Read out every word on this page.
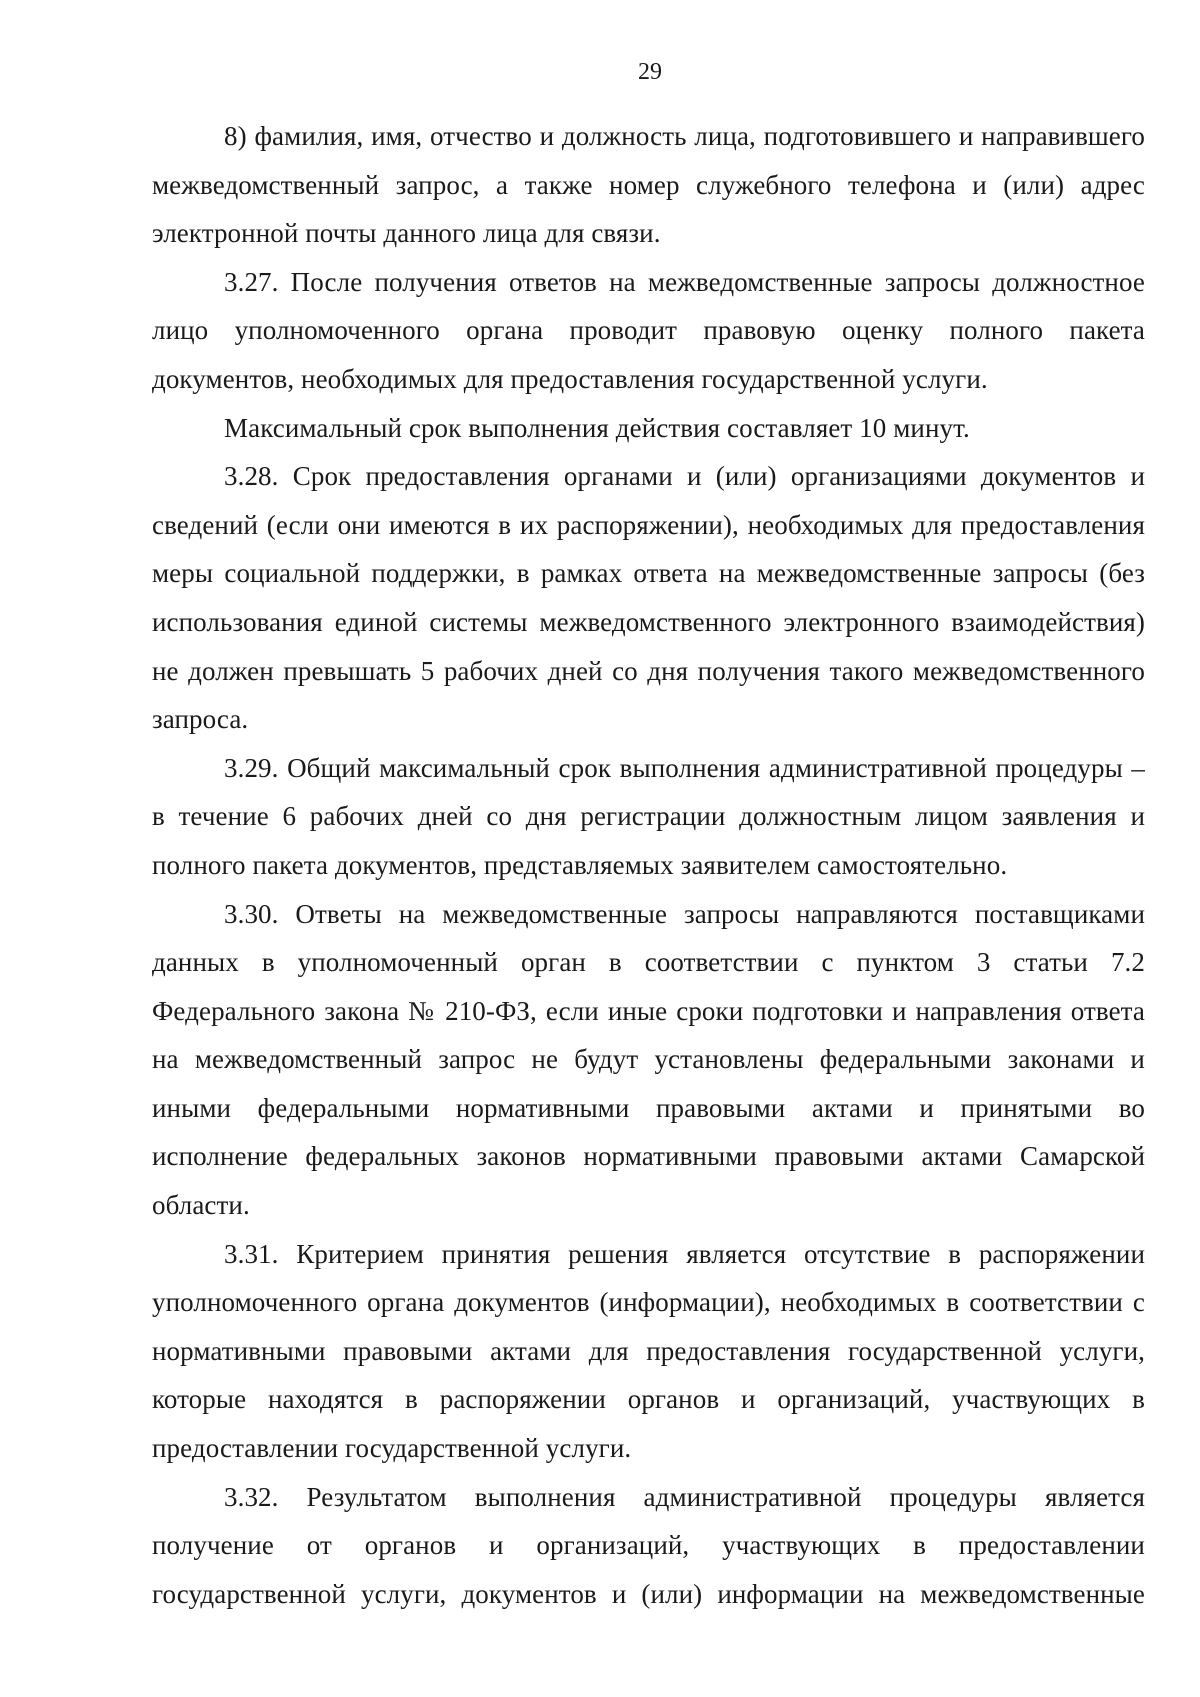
29

8) фамилия, имя, отчество и должность лица, подготовившего и направившего межведомственный запрос, а также номер служебного телефона и (или) адрес электронной почты данного лица для связи.

3.27. После получения ответов на межведомственные запросы должностное лицо уполномоченного органа проводит правовую оценку полного пакета документов, необходимых для предоставления государственной услуги.

Максимальный срок выполнения действия составляет 10 минут.

3.28. Срок предоставления органами и (или) организациями документов и сведений (если они имеются в их распоряжении), необходимых для предоставления меры социальной поддержки, в рамках ответа на межведомственные запросы (без использования единой системы межведомственного электронного взаимодействия) не должен превышать 5 рабочих дней со дня получения такого межведомственного запроса.

3.29. Общий максимальный срок выполнения административной процедуры – в течение 6 рабочих дней со дня регистрации должностным лицом заявления и полного пакета документов, представляемых заявителем самостоятельно.

3.30. Ответы на межведомственные запросы направляются поставщиками данных в уполномоченный орган в соответствии с пунктом 3 статьи 7.2 Федерального закона № 210-ФЗ, если иные сроки подготовки и направления ответа на межведомственный запрос не будут установлены федеральными законами и иными федеральными нормативными правовыми актами и принятыми во исполнение федеральных законов нормативными правовыми актами Самарской области.

3.31. Критерием принятия решения является отсутствие в распоряжении уполномоченного органа документов (информации), необходимых в соответствии с нормативными правовыми актами для предоставления государственной услуги, которые находятся в распоряжении органов и организаций, участвующих в предоставлении государственной услуги.

3.32. Результатом выполнения административной процедуры является получение от органов и организаций, участвующих в предоставлении государственной услуги, документов и (или) информации на межведомственные
